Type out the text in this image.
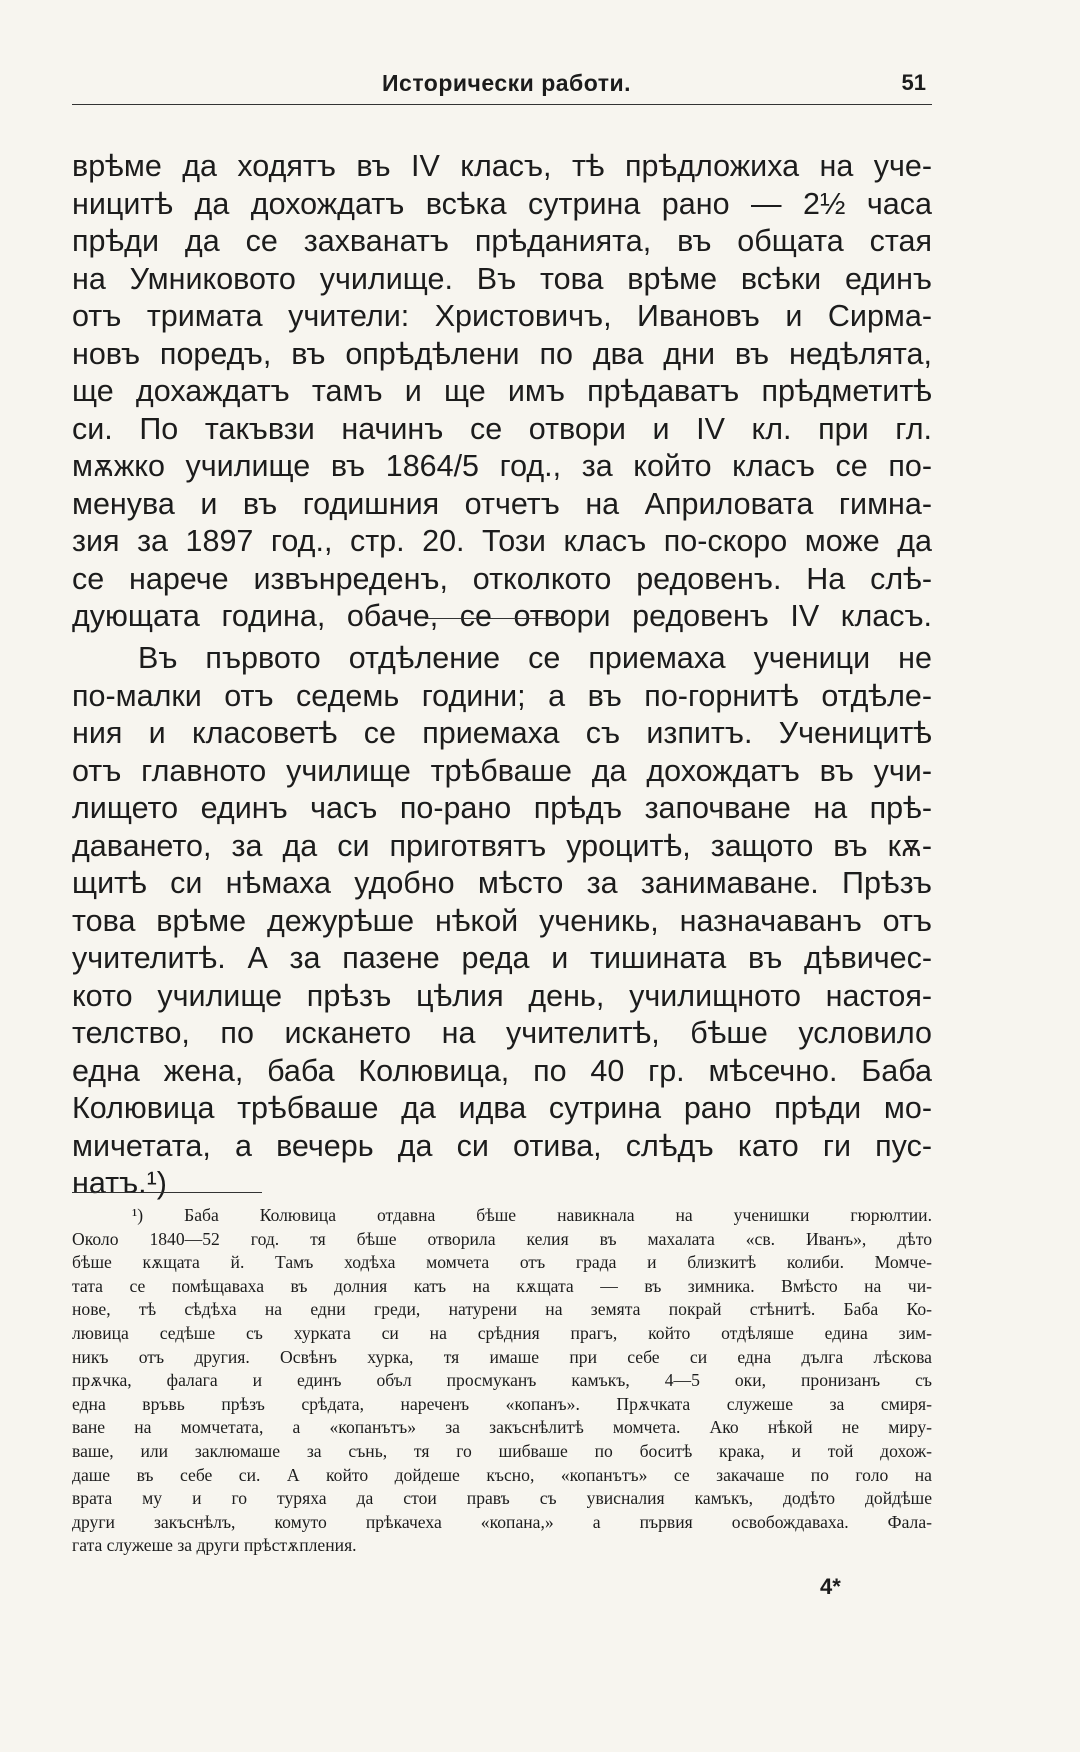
Исторически работи.	51
врѣме да ходятъ въ IV класъ, тѣ прѣдложиха на уче-
ницитѣ да дохождатъ всѣка сутрина рано — 2½ часа
прѣди да се захванатъ прѣданията, въ общата стая
на Умниковото училище. Въ това врѣме всѣки единъ
отъ тримата учители: Христовичъ, Ивановъ и Сирма-
новъ поредъ, въ опрѣдѣлени по два дни въ недѣлята,
ще дохаждатъ тамъ и ще имъ прѣдаватъ прѣдметитѣ
си. По такъвзи начинъ се отвори и IV кл. при гл.
мѫжко училище въ 1864/5 год., за който класъ се по-
менува и въ годишния отчетъ на Априловата гимна-
зия за 1897 год., стр. 20. Този класъ по-скоро може да
се нарече извънреденъ, отколкото редовенъ. На слѣ-
дующата година, обаче, се отвори редовенъ IV класъ.
Въ първото отдѣление се приемаха ученици не
по-малки отъ седемь години; а въ по-горнитѣ отдѣле-
ния и класоветѣ се приемаха съ изпитъ. Ученицитѣ
отъ главното училище трѣбваше да дохождатъ въ учи-
лището единъ часъ по-рано прѣдъ започване на прѣ-
даването, за да си приготвятъ уроцитѣ, защото въ кѫ-
щитѣ си нѣмаха удобно мѣсто за занимаване. Прѣзъ
това врѣме дежурѣше нѣкой ученикь, назначаванъ отъ
учителитѣ. А за пазене реда и тишината въ дѣвичес-
кото училище прѣзъ цѣлия день, училищното настоя-
телство, по искането на учителитѣ, бѣше условило
една жена, баба Колювица, по 40 гр. мѣсечно. Баба
Колювица трѣбваше да идва сутрина рано прѣди мо-
мичетата, а вечерь да си отива, слѣдъ като ги пус-
натъ.¹)
¹) Баба Колювица отдавна бѣше навикнала на ученишки гюрюлтии.
Около 1840—52 год. тя бѣше отворила келия въ махалата «св. Иванъ», дѣто
бѣше кѫщата й. Тамъ ходѣха момчета отъ града и близкитѣ колиби. Момче-
тата се помѣщаваха въ долния катъ на кѫщата — въ зимника. Вмѣсто на чи-
нове, тѣ сѣдѣха на едни греди, натурени на земята покрай стѣнитѣ. Баба Ко-
лювица седѣше съ хурката си на срѣдния прагъ, който отдѣляше едина зим-
никъ отъ другия. Освѣнъ хурка, тя имаше при себе си една дълга лѣскова
прѫчка, фалага и единъ объл просмуканъ камъкъ, 4—5 оки, пронизанъ съ
една връвь прѣзъ срѣдата, нареченъ «копанъ». Прѫчката служеше за смиря-
ване на момчетата, а «копанътъ» за закъснѣлитѣ момчета. Ако нѣкой не миру-
ваше, или заклюмаше за сънь, тя го шибваше по боситѣ крака, и той дохож-
даше въ себе си. А който дойдеше късно, «копанътъ» се закачаше по голо на
врата му и го туряха да стои правъ съ увисналия камъкъ, додѣто дойдѣше
други закъснѣлъ, комуто прѣкачеха «копана,» а първия освобождаваха. Фала-
гата служеше за други прѣстѫпления.
4*
